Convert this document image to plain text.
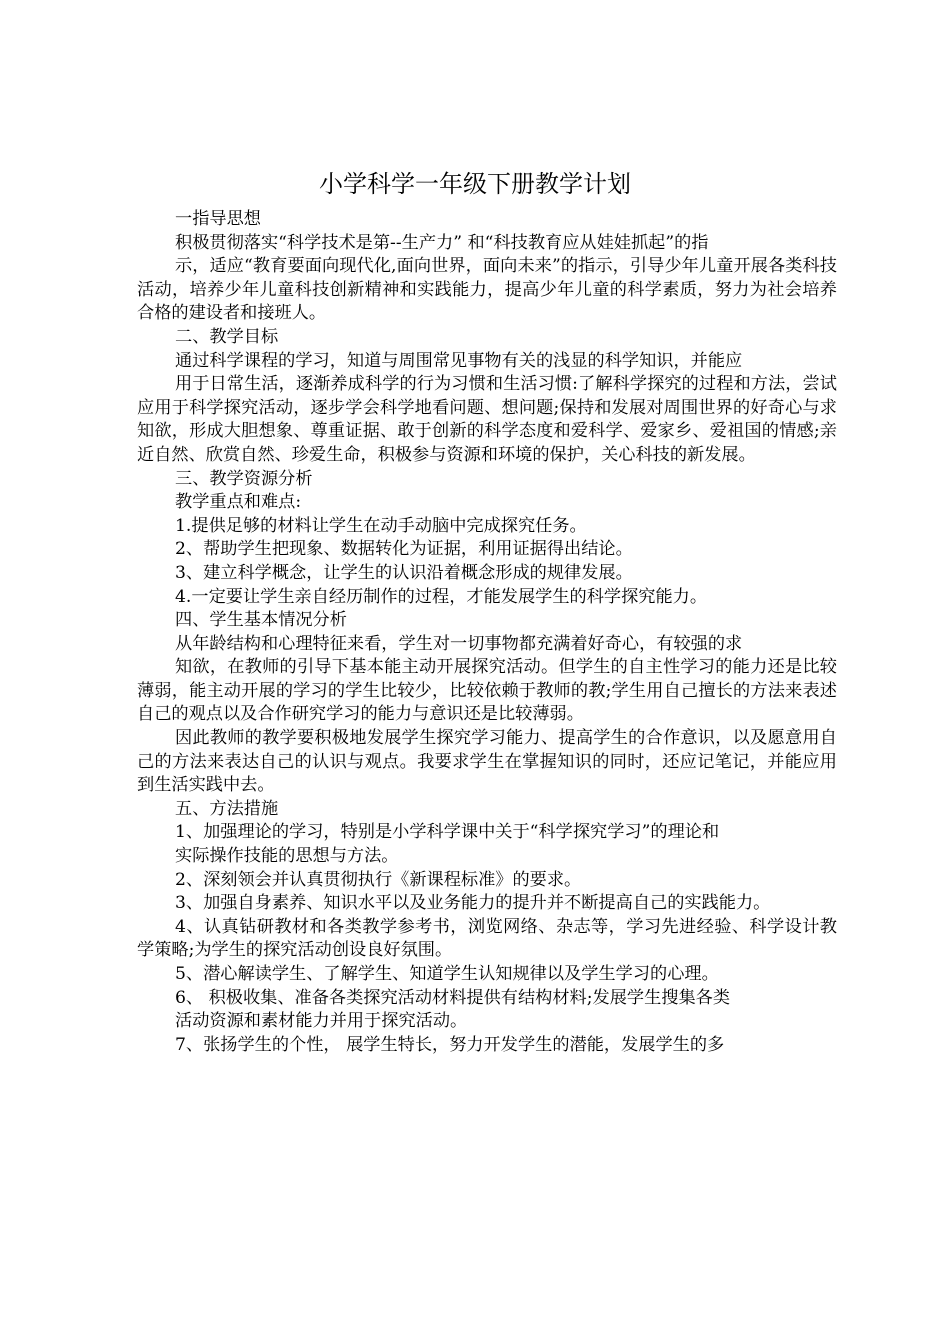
小学科学一年级下册教学计划

一指导思想

积极贯彻落实“科学技术是第--生产力” 和“科技教育应从娃娃抓起”的指

示，适应“教育要面向现代化,面向世界，面向未来”的指示，引导少年儿童开展各类科技活动，培养少年儿童科技创新精神和实践能力，提高少年儿童的科学素质，努力为社会培养合格的建设者和接班人。

二、教学目标

通过科学课程的学习，知道与周围常见事物有关的浅显的科学知识，并能应

用于日常生活，逐渐养成科学的行为习惯和生活习惯:了解科学探究的过程和方法，尝试应用于科学探究活动，逐步学会科学地看问题、想问题;保持和发展对周围世界的好奇心与求知欲，形成大胆想象、尊重证据、敢于创新的科学态度和爱科学、爱家乡、爱祖国的情感;亲近自然、欣赏自然、珍爱生命，积极参与资源和环境的保护，关心科技的新发展。

三、教学资源分析

教学重点和难点:

1.提供足够的材料让学生在动手动脑中完成探究任务。

2、帮助学生把现象、数据转化为证据，利用证据得出结论。

3、建立科学概念，让学生的认识沿着概念形成的规律发展。

4.一定要让学生亲自经历制作的过程，才能发展学生的科学探究能力。

四、学生基本情况分析

从年龄结构和心理特征来看，学生对一切事物都充满着好奇心，有较强的求

知欲，在教师的引导下基本能主动开展探究活动。但学生的自主性学习的能力还是比较薄弱，能主动开展的学习的学生比较少，比较依赖于教师的教;学生用自己擅长的方法来表述自己的观点以及合作研究学习的能力与意识还是比较薄弱。

因此教师的教学要积极地发展学生探究学习能力、提高学生的合作意识，以及愿意用自己的方法来表达自己的认识与观点。我要求学生在掌握知识的同时，还应记笔记，并能应用到生活实践中去。

五、方法措施

1、加强理论的学习，特别是小学科学课中关于“科学探究学习”的理论和

实际操作技能的思想与方法。

2、深刻领会并认真贯彻执行《新课程标准》的要求。

3、加强自身素养、知识水平以及业务能力的提升并不断提高自己的实践能力。

4、认真钻研教材和各类教学参考书，浏览网络、杂志等，学习先进经验、科学设计教学策略;为学生的探究活动创设良好氛围。

5、潜心解读学生、了解学生、知道学生认知规律以及学生学习的心理。

6、 积极收集、准备各类探究活动材料提供有结构材料;发展学生搜集各类

活动资源和素材能力并用于探究活动。

7、张扬学生的个性， 展学生特长，努力开发学生的潜能，发展学生的多
